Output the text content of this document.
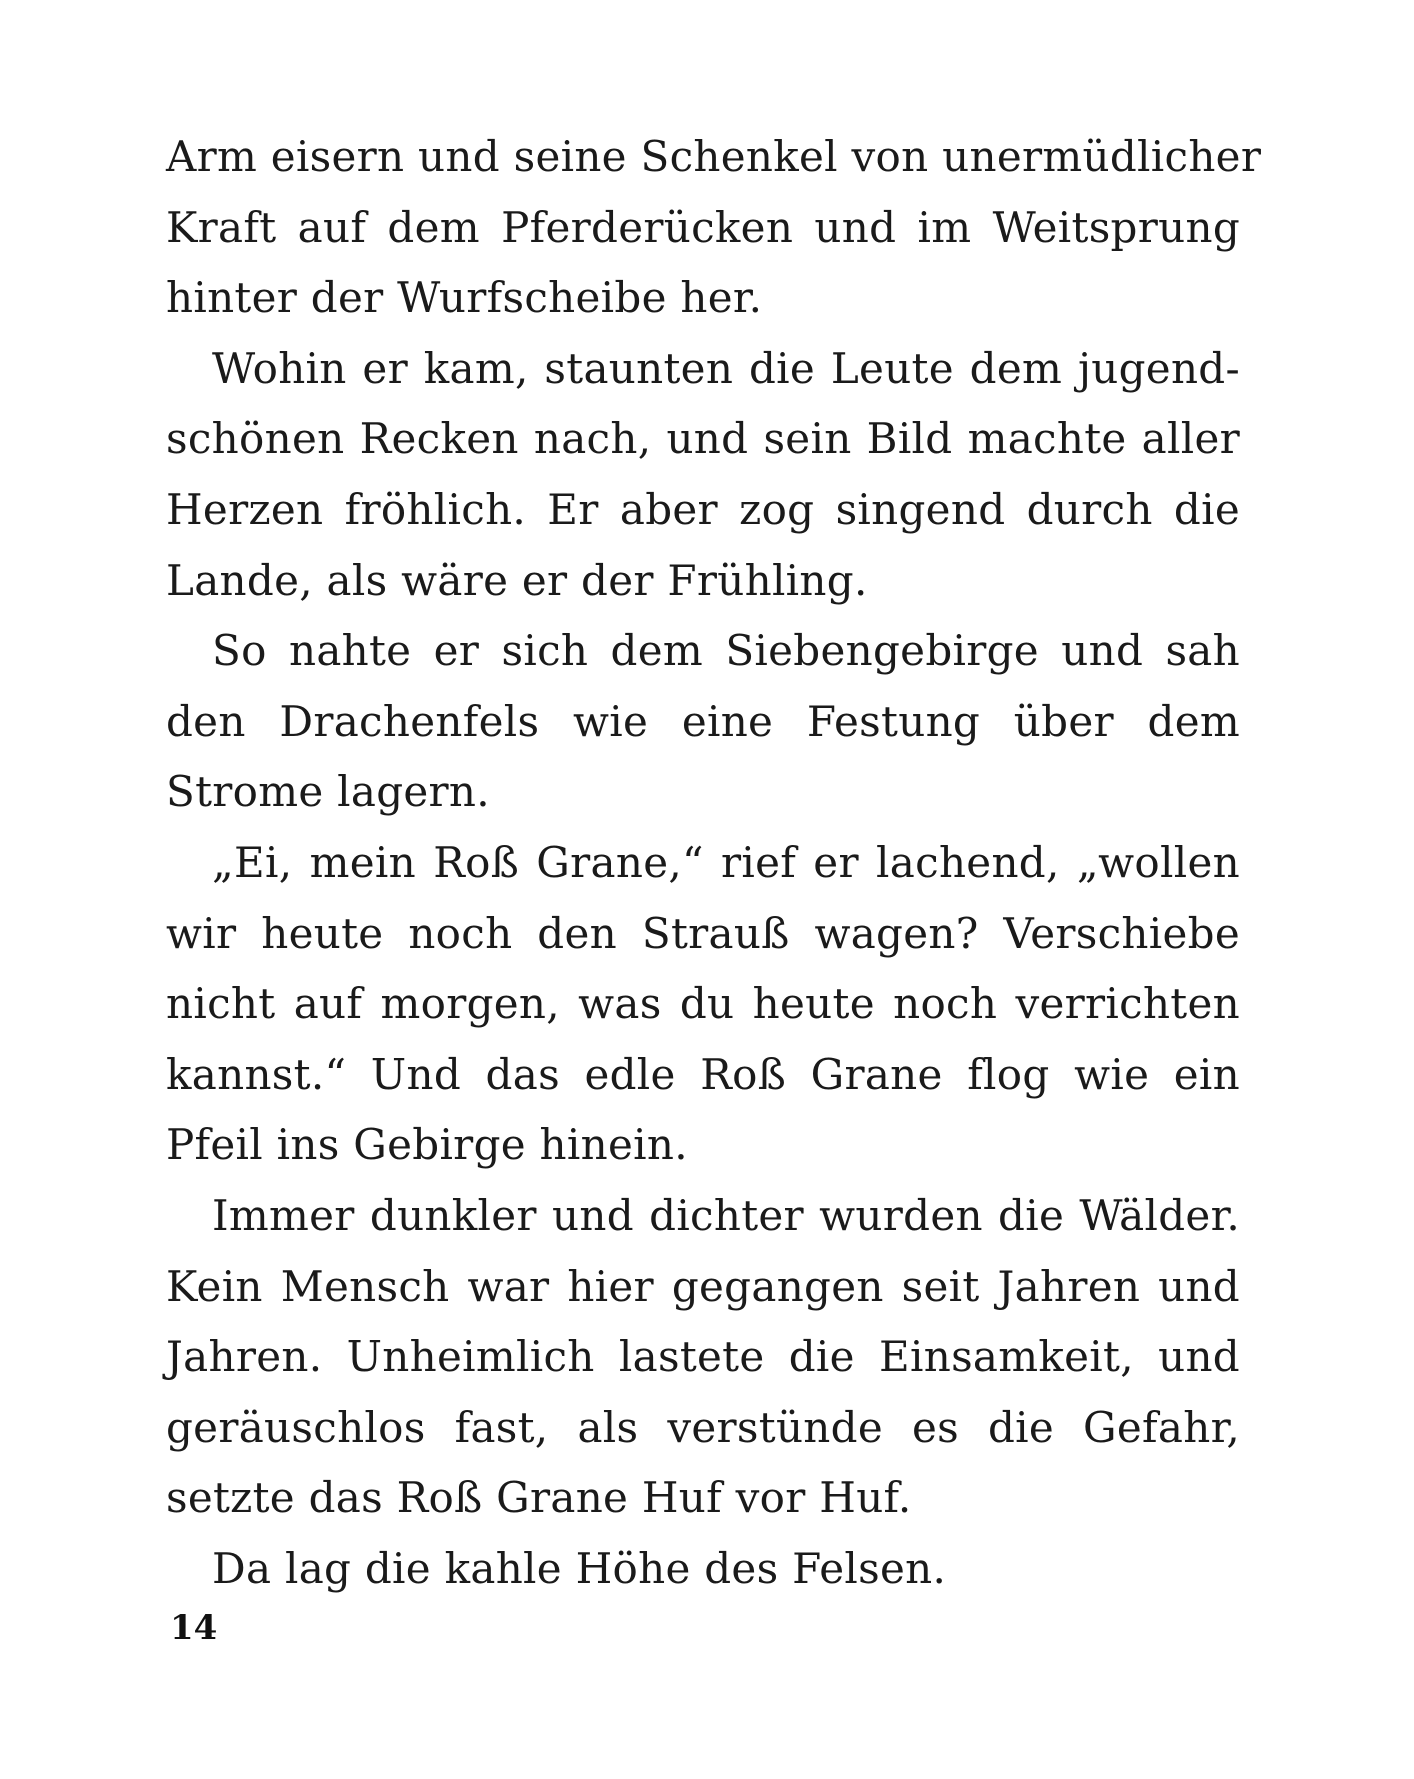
Arm eisern und seine Schenkel von unermüdlicher
Kraft auf dem Pferderücken und im Weitsprung
hinter der Wurfscheibe her.
Wohin er kam, staunten die Leute dem jugend-
schönen Recken nach, und sein Bild machte aller
Herzen fröhlich. Er aber zog singend durch die
Lande, als wäre er der Frühling.
So nahte er sich dem Siebengebirge und sah
den Drachenfels wie eine Festung über dem
Strome lagern.
„Ei, mein Roß Grane,“ rief er lachend, „wollen
wir heute noch den Strauß wagen? Verschiebe
nicht auf morgen, was du heute noch verrichten
kannst.“ Und das edle Roß Grane flog wie ein
Pfeil ins Gebirge hinein.
Immer dunkler und dichter wurden die Wälder.
Kein Mensch war hier gegangen seit Jahren und
Jahren. Unheimlich lastete die Einsamkeit, und
geräuschlos fast, als verstünde es die Gefahr,
setzte das Roß Grane Huf vor Huf.
Da lag die kahle Höhe des Felsen.
14
